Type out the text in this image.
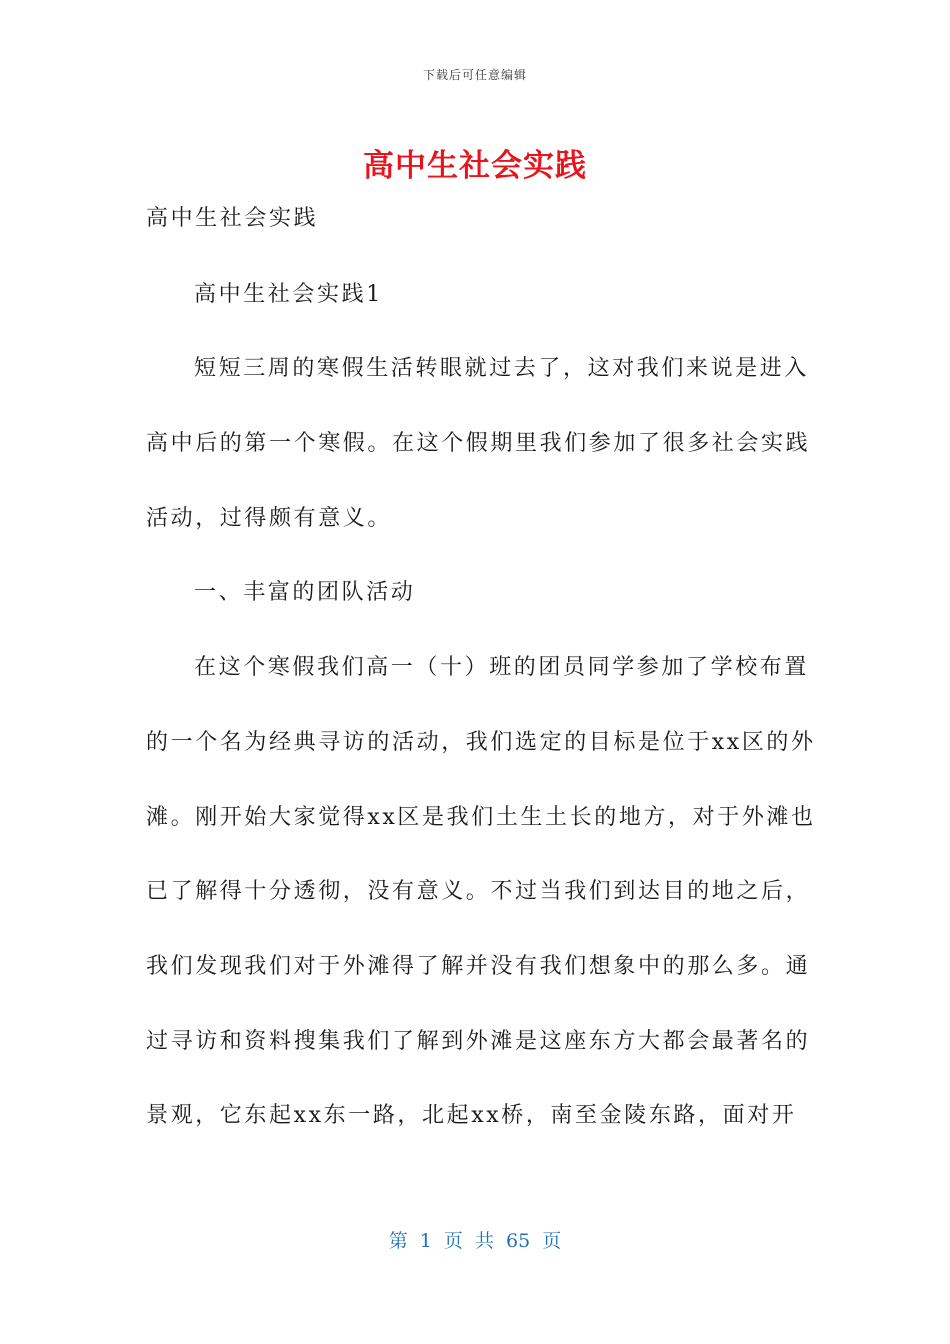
下载后可任意编辑
高中生社会实践
高中生社会实践
高中生社会实践1
短短三周的寒假生活转眼就过去了，这对我们来说是进入
高中后的第一个寒假。在这个假期里我们参加了很多社会实践
活动，过得颇有意义。
一、丰富的团队活动
在这个寒假我们高一（十）班的团员同学参加了学校布置
的一个名为经典寻访的活动，我们选定的目标是位于xx区的外
滩。刚开始大家觉得xx区是我们土生土长的地方，对于外滩也
已了解得十分透彻，没有意义。不过当我们到达目的地之后，
我们发现我们对于外滩得了解并没有我们想象中的那么多。通
过寻访和资料搜集我们了解到外滩是这座东方大都会最著名的
景观，它东起xx东一路，北起xx桥，南至金陵东路，面对开
第 1 页 共 65 页
